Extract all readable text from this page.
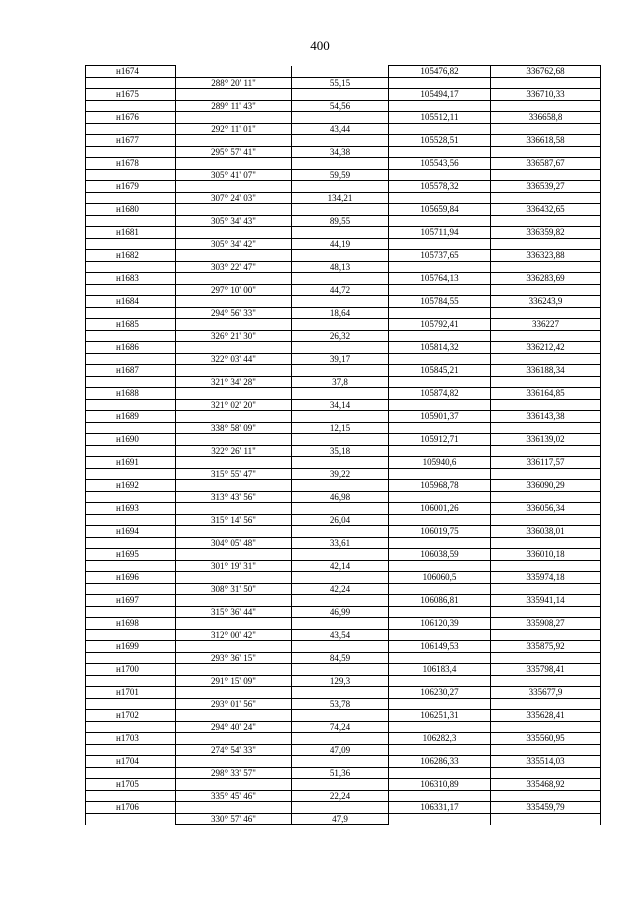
400
н1674			105476,82	336762,68
	288° 20' 11"	55,15		
н1675			105494,17	336710,33
	289° 11' 43"	54,56		
н1676			105512,11	336658,8
	292° 11' 01"	43,44		
н1677			105528,51	336618,58
	295° 57' 41"	34,38		
н1678			105543,56	336587,67
	305° 41' 07"	59,59		
н1679			105578,32	336539,27
	307° 24' 03"	134,21		
н1680			105659,84	336432,65
	305° 34' 43"	89,55		
н1681			105711,94	336359,82
	305° 34' 42"	44,19		
н1682			105737,65	336323,88
	303° 22' 47"	48,13		
н1683			105764,13	336283,69
	297° 10' 00"	44,72		
н1684			105784,55	336243,9
	294° 56' 33"	18,64		
н1685			105792,41	336227
	326° 21' 30"	26,32		
н1686			105814,32	336212,42
	322° 03' 44"	39,17		
н1687			105845,21	336188,34
	321° 34' 28"	37,8		
н1688			105874,82	336164,85
	321° 02' 20"	34,14		
н1689			105901,37	336143,38
	338° 58' 09"	12,15		
н1690			105912,71	336139,02
	322° 26' 11"	35,18		
н1691			105940,6	336117,57
	315° 55' 47"	39,22		
н1692			105968,78	336090,29
	313° 43' 56"	46,98		
н1693			106001,26	336056,34
	315° 14' 56"	26,04		
н1694			106019,75	336038,01
	304° 05' 48"	33,61		
н1695			106038,59	336010,18
	301° 19' 31"	42,14		
н1696			106060,5	335974,18
	308° 31' 50"	42,24		
н1697			106086,81	335941,14
	315° 36' 44"	46,99		
н1698			106120,39	335908,27
	312° 00' 42"	43,54		
н1699			106149,53	335875,92
	293° 36' 15"	84,59		
н1700			106183,4	335798,41
	291° 15' 09"	129,3		
н1701			106230,27	335677,9
	293° 01' 56"	53,78		
н1702			106251,31	335628,41
	294° 40' 24"	74,24		
н1703			106282,3	335560,95
	274° 54' 33"	47,09		
н1704			106286,33	335514,03
	298° 33' 57"	51,36		
н1705			106310,89	335468,92
	335° 45' 46"	22,24		
н1706			106331,17	335459,79
	330° 57' 46"	47,9		
